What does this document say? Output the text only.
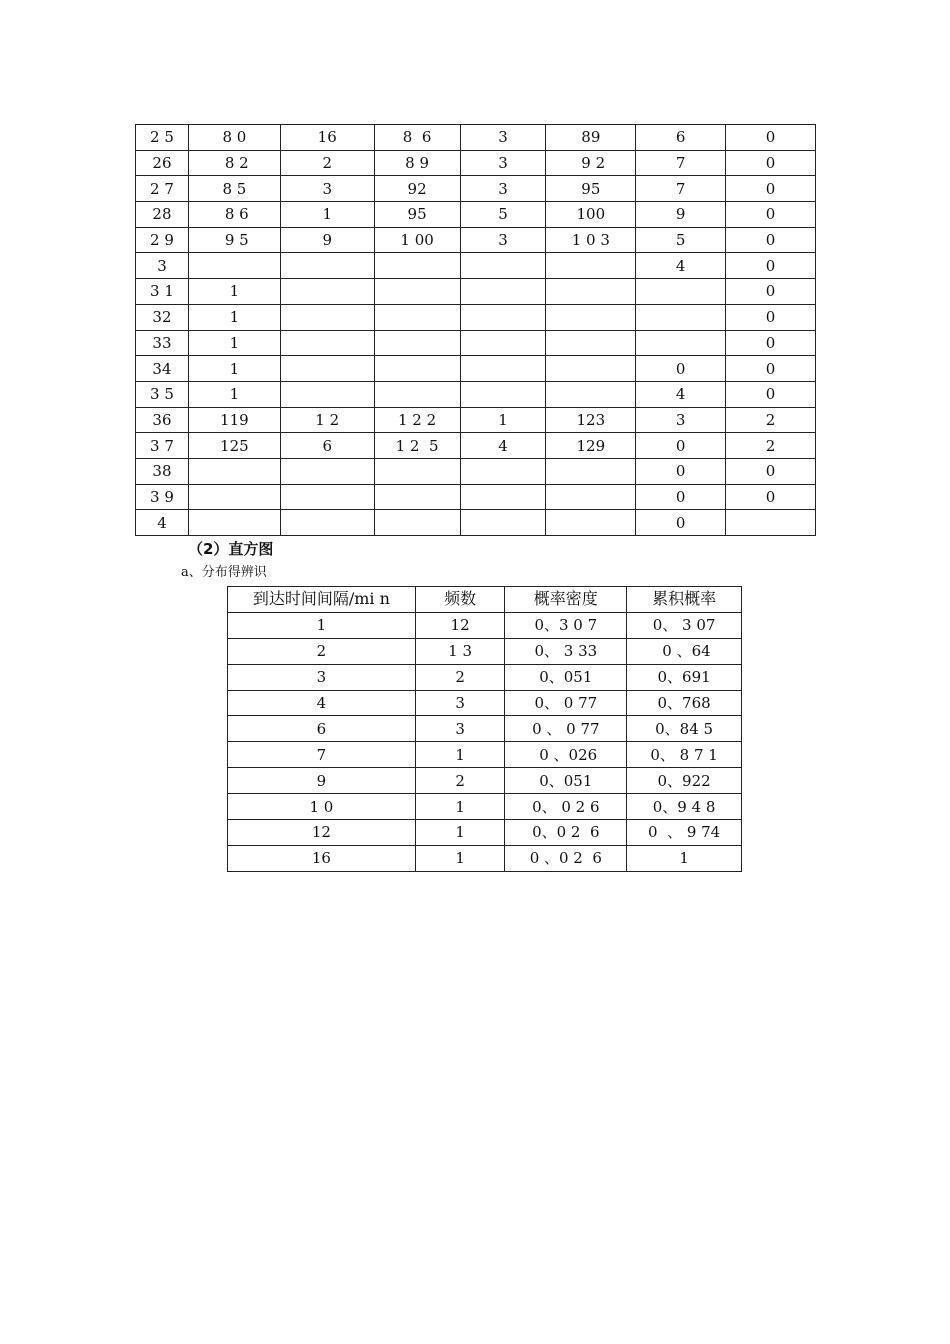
2 5	8 0	16	8  6	3	89	6	0
26	8 2	2	8 9	3	9 2	7	0
2 7	8 5	3	92	3	95	7	0
28	8 6	1	95	5	100	9	0
2 9	9 5	9	1 00	3	1 0 3	5	0
3						4	0
3 1	1						0
32	1						0
33	1						0
34	1					0	0
3 5	1					4	0
36	119	1 2	1 2 2	1	123	3	2
3 7	125	6	1 2  5	4	129	0	2
38						0	0
3 9						0	0
4						0	
（2）直方图
a、分布得辨识
到达时间间隔/mi n	频数	概率密度	累积概率
1	12	0、3 0 7	0、 3 07
2	1 3	0、 3 33	0 、64
3	2	0、051	0、691
4	3	0、 0 77	0、768
6	3	0 、 0 77	0、84 5
7	1	0 、026	0、 8 7 1
9	2	0、051	0、922
1 0	1	0、 0 2 6	0、9 4 8
12	1	0、0 2  6	0  、 9 74
16	1	0 、0 2  6	1
